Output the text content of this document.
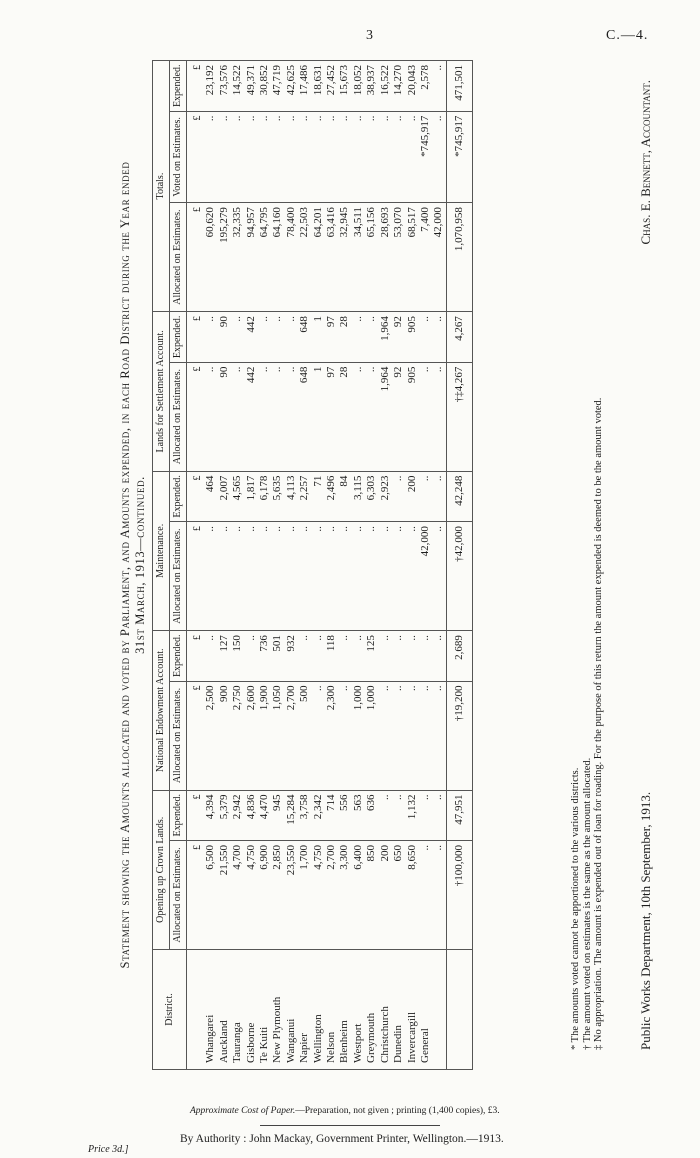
3	C.—4.
Statement showing the Amounts allocated and voted by Parliament, and Amounts expended, in each Road District during the Year ended 31st March, 1913—continued.
District.	Opening up Crown Lands.		National Endowment Account.		Maintenance.		Lands for Settlement Account.		Totals.		
	Allocated on Estimates.	Expended.	Allocated on Estimates.	Expended.	Allocated on Estimates.	Expended.	Allocated on Estimates.	Expended.	Allocated on Estimates.	Voted on Estimates.	Expended.
	£	£	£	£	£	£	£	£	£	£	£
Whangarei	6,500	4,394	2,500	..	..	464	..	..	60,620	..	23,192
Auckland	21,550	5,379	900	127	..	2,007	90	90	195,279	..	73,576
Tauranga	4,700	2,942	2,750	150	..	4,565	..	..	32,335	..	14,522
Gisborne	4,750	4,836	2,600	..	..	1,817	442	442	94,957	..	49,371
Te Kuiti	6,900	4,470	1,900	736	..	6,178	..	..	64,795	..	30,852
New Plymouth	2,850	945	1,050	501	..	5,635	..	..	64,160	..	47,719
Wanganui	23,550	15,284	2,700	932	..	4,113	..	..	78,400	..	42,625
Napier	1,700	3,758	500	..	..	2,257	648	648	22,503	..	17,486
Wellington	4,750	2,342	..	..	..	71	1	1	64,201	..	18,631
Nelson	2,700	714	2,300	118	..	2,496	97	97	63,416	..	27,452
Blenheim	3,300	556	..	..	..	84	28	28	32,945	..	15,673
Westport	6,400	563	1,000	..	..	3,115	..	..	34,511	..	18,052
Greymouth	850	636	1,000	125	..	6,303	..	..	65,156	..	38,937
Christchurch	200	..	..	..	..	2,923	1,964	1,964	28,693	..	16,522
Dunedin	650	..	..	..	..	..	92	92	53,070	..	14,270
Invercargill	8,650	1,132	..	..	..	200	905	905	68,517	..	20,043
General	..	..	..	..	42,000	..	..	..	7,400	*745,917	2,578
	..	..	..	..	..	..	..	..	42,000	..	..
	†100,000	47,951	†19,200	2,689	†42,000	42,248	†‡4,267	4,267	1,070,958	*745,917	471,501
* The amounts voted cannot be apportioned to the various districts. † The amount voted on estimates is the same as the amount allocated. ‡ No appropriation. The amount is expended out of loan for roading. For the purpose of this return the amount expended is deemed to be the amount voted.	Public Works Department, 10th September, 1913.
Chas. E. Bennett, Accountant.
Approximate Cost of Paper.—Preparation, not given ; printing (1,400 copies), £3.
By Authority : John Mackay, Government Printer, Wellington.—1913.
Price 3d.]
